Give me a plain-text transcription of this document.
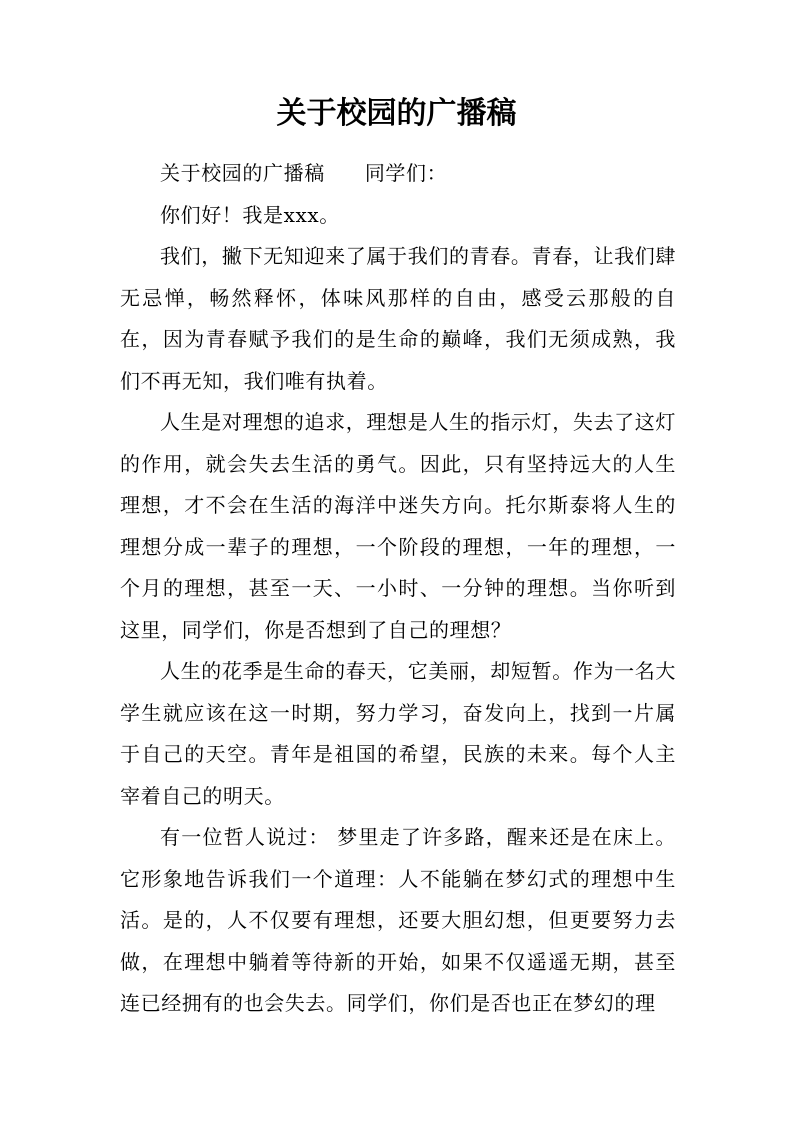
关于校园的广播稿

关于校园的广播稿 同学们：

你们好！我是xxx。

我们，撇下无知迎来了属于我们的青春。青春，让我们肆无忌惮，畅然释怀，体味风那样的自由，感受云那般的自在，因为青春赋予我们的是生命的巅峰，我们无须成熟，我们不再无知，我们唯有执着。

人生是对理想的追求，理想是人生的指示灯，失去了这灯的作用，就会失去生活的勇气。因此，只有坚持远大的人生理想，才不会在生活的海洋中迷失方向。托尔斯泰将人生的理想分成一辈子的理想，一个阶段的理想，一年的理想，一个月的理想，甚至一天、一小时、一分钟的理想。当你听到这里，同学们，你是否想到了自己的理想？

人生的花季是生命的春天，它美丽，却短暂。作为一名大学生就应该在这一时期，努力学习，奋发向上，找到一片属于自己的天空。青年是祖国的希望，民族的未来。每个人主宰着自己的明天。

有一位哲人说过： 梦里走了许多路，醒来还是在床上。它形象地告诉我们一个道理：人不能躺在梦幻式的理想中生活。是的，人不仅要有理想，还要大胆幻想，但更要努力去做，在理想中躺着等待新的开始，如果不仅遥遥无期，甚至连已经拥有的也会失去。同学们，你们是否也正在梦幻的理
